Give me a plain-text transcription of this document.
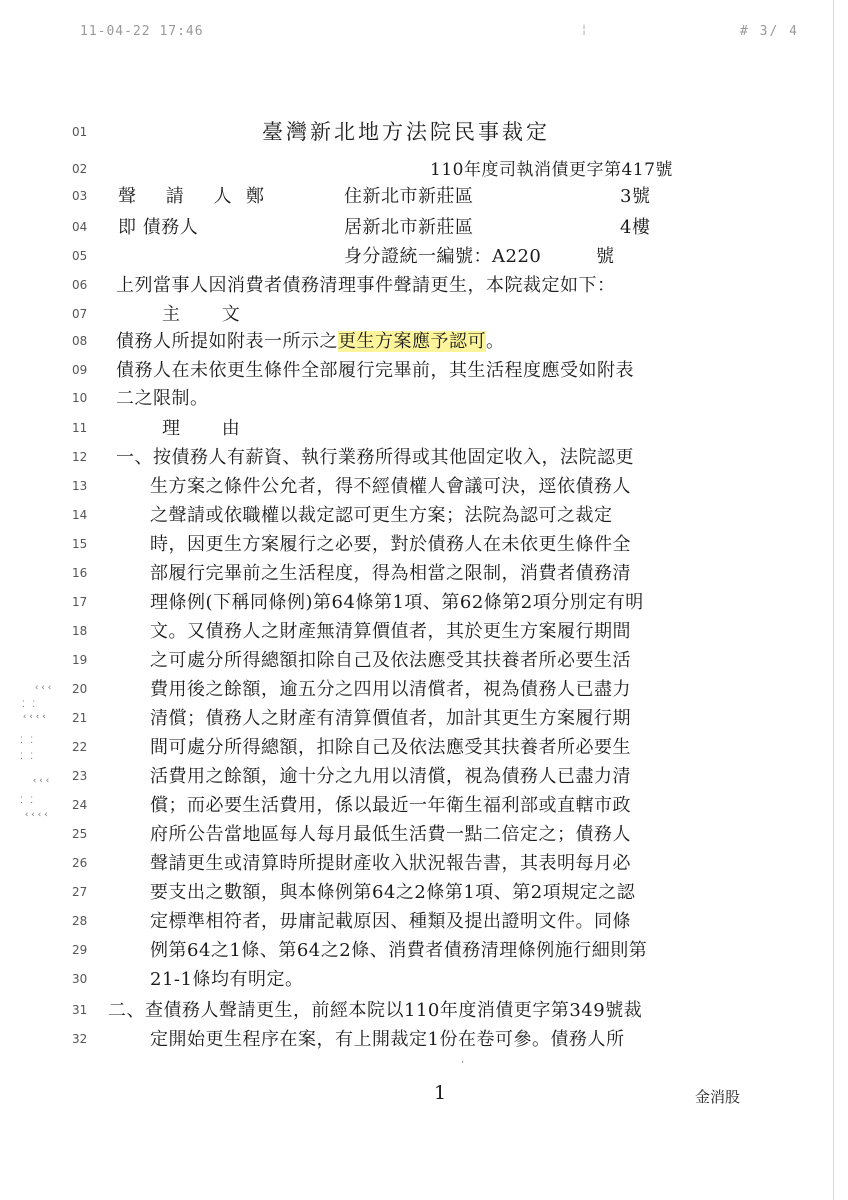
11-04-22 17:46	¦	# 3/ 4
01	臺灣新北地方法院民事裁定
02	110年度司執消債更字第417號
03	聲 請 人 鄭	住新北市新莊區	3號
04	即 債務人	居新北市新莊區	4樓
05	身分證統一編號：A220	號
06	上列當事人因消費者債務清理事件聲請更生，本院裁定如下：
07	主 文
08	債務人所提如附表一所示之更生方案應予認可。
09	債務人在未依更生條件全部履行完畢前，其生活程度應受如附表
10	二之限制。
11	理 由
12	一、按債務人有薪資、執行業務所得或其他固定收入，法院認更
13	生方案之條件公允者，得不經債權人會議可決，逕依債務人
14	之聲請或依職權以裁定認可更生方案；法院為認可之裁定
15	時，因更生方案履行之必要，對於債務人在未依更生條件全
16	部履行完畢前之生活程度，得為相當之限制，消費者債務清
17	理條例(下稱同條例)第64條第1項、第62條第2項分別定有明
18	文。又債務人之財產無清算價值者，其於更生方案履行期間
19	之可處分所得總額扣除自己及依法應受其扶養者所必要生活
20	費用後之餘額，逾五分之四用以清償者，視為債務人已盡力
21	清償；債務人之財產有清算價值者，加計其更生方案履行期
22	間可處分所得總額，扣除自己及依法應受其扶養者所必要生
23	活費用之餘額，逾十分之九用以清償，視為債務人已盡力清
24	償；而必要生活費用，係以最近一年衛生福利部或直轄市政
25	府所公告當地區每人每月最低生活費一點二倍定之；債務人
26	聲請更生或清算時所提財產收入狀況報告書，其表明每月必
27	要支出之數額，與本條例第64之2條第1項、第2項規定之認
28	定標準相符者，毋庸記載原因、種類及提出證明文件。同條
29	例第64之1條、第64之2條、消費者債務清理條例施行細則第
30	21-1條均有明定。
31	二、查債務人聲請更生，前經本院以110年度消債更字第349號裁
32	定開始更生程序在案，有上開裁定1份在卷可參。債務人所
‹‹‹
⁚ ⁚
‹‹‹‹
⁚ ⁚
⁚ ⁚
‹‹‹
⁚ ⁚
‹‹‹‹
·
1	金消股
